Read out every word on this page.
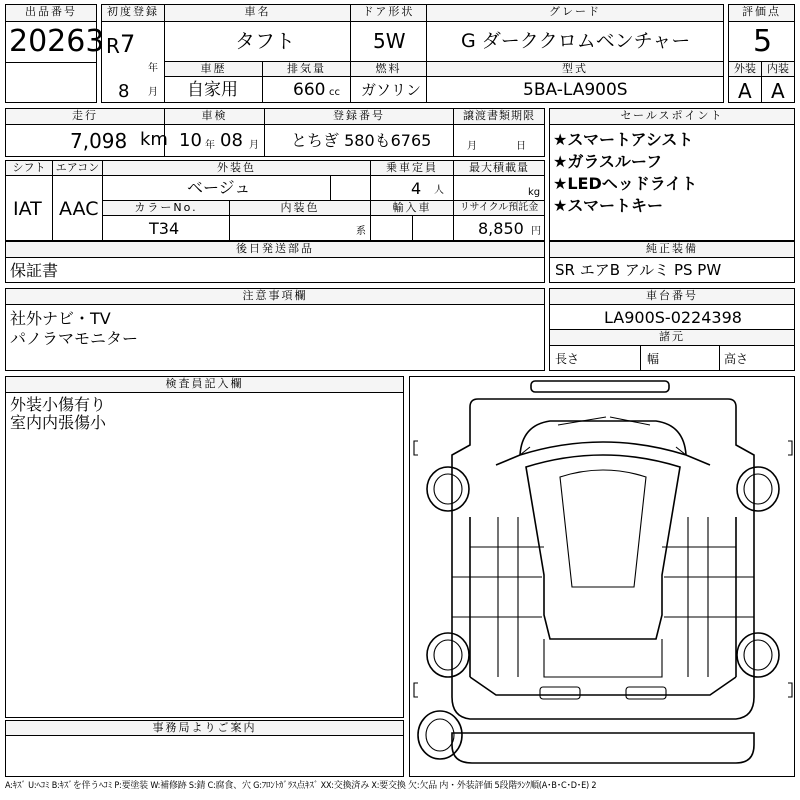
出品番号
20263
初度登録
R 7
年
8 月
車名
タフト
ドア形状
5W
グレード
G ダーククロムベンチャー
評価点
5
車歴
自家用
排気量
660 cc
燃料
ガソリン
型式
5BA-LA900S
外装
A
内装
A
走行
7,098 km
車検
10 年 08 月
登録番号
とちぎ 580も6765
譲渡書類期限
月	日
シフト
IAT
エアコン
AAC
外装色
ベージュ
乗車定員
4 人
最大積載量
kg
カラーNo.
T34
内装色
系
輸入車	リサイクル預託金
8,850 円
セールスポイント
★スマートアシスト
★ガラスルーフ
★LEDヘッドライト
★スマートキー
後日発送部品
保証書
純正装備
SR エアB アルミ PS PW
注意事項欄
社外ナビ・TV
パノラマモニター
車台番号
LA900S-0224398
諸元
長さ	幅	高さ
検査員記入欄
外装小傷有り
室内内張傷小
事務局よりご案内
A:ｷｽﾞ U:ﾍｺﾐ B:ｷｽﾞを伴うﾍｺﾐ P:要塗装 W:補修跡 S:錆 C:腐食、穴 G:ﾌﾛﾝﾄｶﾞﾗｽ点ｷｽﾞ XX:交換済み X:要交換 欠:欠品 内・外装評価 5段階ﾗﾝｸ順(A･B･C･D･E) 2
